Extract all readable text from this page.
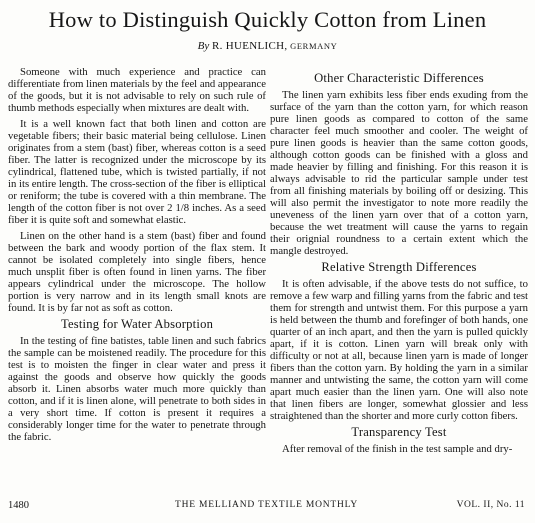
How to Distinguish Quickly Cotton from Linen
By R. HUENLICH, GERMANY

Someone with much experience and practice can differentiate from linen materials by the feel and appearance of the goods, but it is not advisable to rely on such rule of thumb methods especially when mixtures are dealt with.

It is a well known fact that both linen and cotton are vegetable fibers; their basic material being cellulose. Linen originates from a stem (bast) fiber, whereas cotton is a seed fiber. The latter is recognized under the microscope by its cylindrical, flattened tube, which is twisted partially, if not in its entire length. The cross-section of the fiber is elliptical or reniform; the tube is covered with a thin membrane. The length of the cotton fiber is not over 2 1/8 inches. As a seed fiber it is quite soft and somewhat elastic.

Linen on the other hand is a stem (bast) fiber and found between the bark and woody portion of the flax stem. It cannot be isolated completely into single fibers, hence much unsplit fiber is often found in linen yarns. The fiber appears cylindrical under the microscope. The hollow portion is very narrow and in its length small knots are found. It is by far not as soft as cotton.

Testing for Water Absorption

In the testing of fine batistes, table linen and such fabrics the sample can be moistened readily. The procedure for this test is to moisten the finger in clear water and press it against the goods and observe how quickly the goods absorb it. Linen absorbs water much more quickly than cotton, and if it is linen alone, will penetrate to both sides in a very short time. If cotton is present it requires a considerably longer time for the water to penetrate through the fabric.

Other Characteristic Differences

The linen yarn exhibits less fiber ends exuding from the surface of the yarn than the cotton yarn, for which reason pure linen goods as compared to cotton of the same character feel much smoother and cooler. The weight of pure linen goods is heavier than the same cotton goods, although cotton goods can be finished with a gloss and made heavier by filling and finishing. For this reason it is always advisable to rid the particular sample under test from all finishing materials by boiling off or desizing. This will also permit the investigator to note more readily the uneveness of the linen yarn over that of a cotton yarn, because the wet treatment will cause the yarns to regain their orignial roundness to a certain extent which the mangle destroyed.

Relative Strength Differences

It is often advisable, if the above tests do not suffice, to remove a few warp and filling yarns from the fabric and test them for strength and untwist them. For this purpose a yarn is held between the thumb and forefinger of both hands, one quarter of an inch apart, and then the yarn is pulled quickly apart, if it is cotton. Linen yarn will break only with difficulty or not at all, because linen yarn is made of longer fibers than the cotton yarn. By holding the yarn in a similar manner and untwisting the same, the cotton yarn will come apart much easier than the linen yarn. One will also note that linen fibers are longer, somewhat glossier and less straightened than the shorter and more curly cotton fibers.

Transparency Test

After removal of the finish in the test sample and dry-

1480	THE MELLIAND TEXTILE MONTHLY	VOL. II, No. 11
